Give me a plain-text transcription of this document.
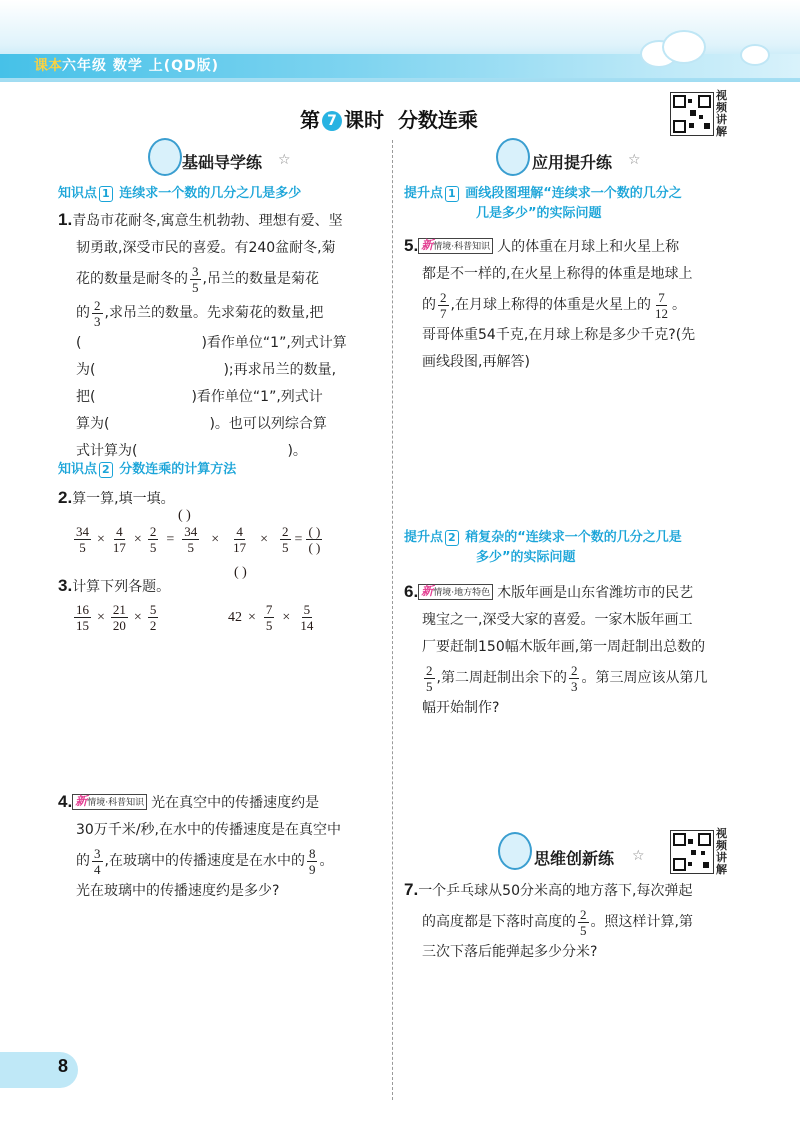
课本 六年级 数学 上(QD版)
第 7 课时 分数连乘
视频讲解
基础导学练 ☆
知识点 1 连续求一个数的几分之几是多少
1.青岛市花耐冬,寓意生机勃勃、理想有爱、坚
韧勇敢,深受市民的喜爱。有240盆耐冬,菊
花的数量是耐冬的 $\frac{3}{5}$ ,吊兰的数量是菊花
的 $\frac{2}{3}$ ,求吊兰的数量。先求菊花的数量,把
(	)看作单位“1”,列式计算
为(	);再求吊兰的数量,
把(	)看作单位“1”,列式计
算为(	)。也可以列综合算
式计算为(	)。
知识点 2 分数连乘的计算方法
2.算一算,填一填。
( )
$\frac{34}{5} \times \frac{4}{17} \times \frac{2}{5} = \frac{34}{5} \times \frac{4}{17} \times \frac{2}{5} = \frac{( )}{( )}$
( )
3.计算下列各题。
$\frac{16}{15} \times \frac{21}{20} \times \frac{5}{2}$	$42 \times \frac{7}{5} \times \frac{5}{14}$
4. 新情境·科普知识 光在真空中的传播速度约是
30万千米/秒,在水中的传播速度是在真空中
的 $\frac{3}{4}$ ,在玻璃中的传播速度是在水中的 $\frac{8}{9}$ 。
光在玻璃中的传播速度约是多少?
应用提升练 ☆
提升点 1 画线段图理解“连续求一个数的几分之
几是多少”的实际问题
5. 新情境·科普知识 人的体重在月球上和火星上称
都是不一样的,在火星上称得的体重是地球上
的 $\frac{2}{7}$ ,在月球上称得的体重是火星上的 $\frac{7}{12}$ 。
哥哥体重54千克,在月球上称是多少千克?(先
画线段图,再解答)
提升点 2 稍复杂的“连续求一个数的几分之几是
多少”的实际问题
6. 新情境·地方特色 木版年画是山东省潍坊市的民艺
瑰宝之一,深受大家的喜爱。一家木版年画工
厂要赶制150幅木版年画,第一周赶制出总数的
$\frac{2}{5}$ ,第二周赶制出余下的 $\frac{2}{3}$ 。第三周应该从第几
幅开始制作?
思维创新练 ☆
视频讲解
7.一个乒乓球从50分米高的地方落下,每次弹起
的高度都是下落时高度的 $\frac{2}{5}$ 。照这样计算,第
三次下落后能弹起多少分米?
8
